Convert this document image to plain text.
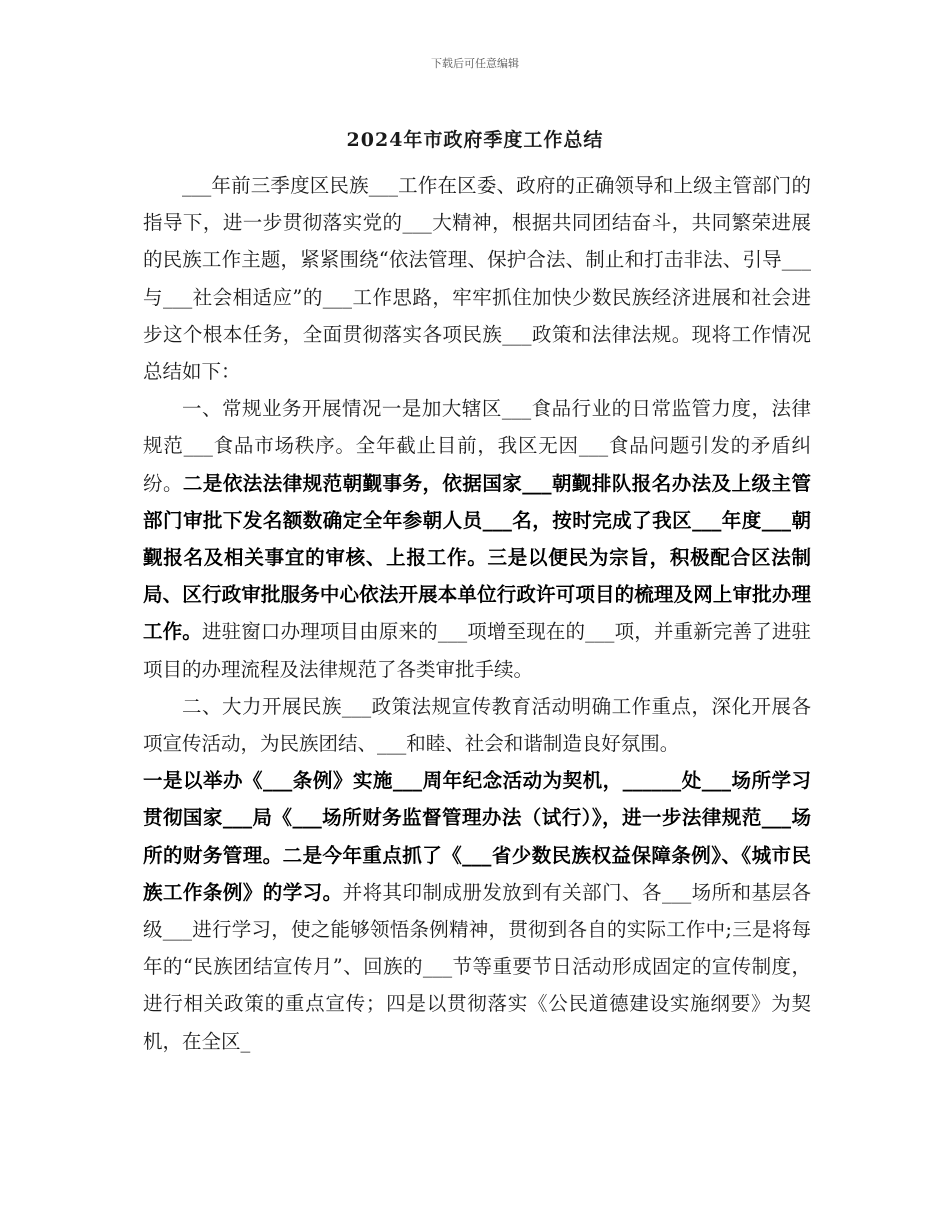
下载后可任意编辑
2024年市政府季度工作总结

___年前三季度区民族___工作在区委、政府的正确领导和上级主管部门的指导下，进一步贯彻落实党的___大精神，根据共同团结奋斗，共同繁荣进展的民族工作主题，紧紧围绕“依法管理、保护合法、制止和打击非法、引导___与___社会相适应”的___工作思路，牢牢抓住加快少数民族经济进展和社会进步这个根本任务，全面贯彻落实各项民族___政策和法律法规。现将工作情况总结如下：

一、常规业务开展情况一是加大辖区___食品行业的日常监管力度，法律规范___食品市场秩序。全年截止目前，我区无因___食品问题引发的矛盾纠纷。二是依法法律规范朝觐事务，依据国家___朝觐排队报名办法及上级主管部门审批下发名额数确定全年参朝人员___名，按时完成了我区___年度___朝觐报名及相关事宜的审核、上报工作。三是以便民为宗旨，积极配合区法制局、区行政审批服务中心依法开展本单位行政许可项目的梳理及网上审批办理工作。进驻窗口办理项目由原来的___项增至现在的___项，并重新完善了进驻项目的办理流程及法律规范了各类审批手续。

二、大力开展民族___政策法规宣传教育活动明确工作重点，深化开展各项宣传活动，为民族团结、___和睦、社会和谐制造良好氛围。

一是以举办《___条例》实施___周年纪念活动为契机，______处___场所学习贯彻国家___局《___场所财务监督管理办法（试行）》，进一步法律规范___场所的财务管理。二是今年重点抓了《___省少数民族权益保障条例》、《城市民族工作条例》的学习。并将其印制成册发放到有关部门、各___场所和基层各级___进行学习，使之能够领悟条例精神，贯彻到各自的实际工作中;三是将每年的“民族团结宣传月”、回族的___节等重要节日活动形成固定的宣传制度，进行相关政策的重点宣传；四是以贯彻落实《公民道德建设实施纲要》为契机，在全区_
